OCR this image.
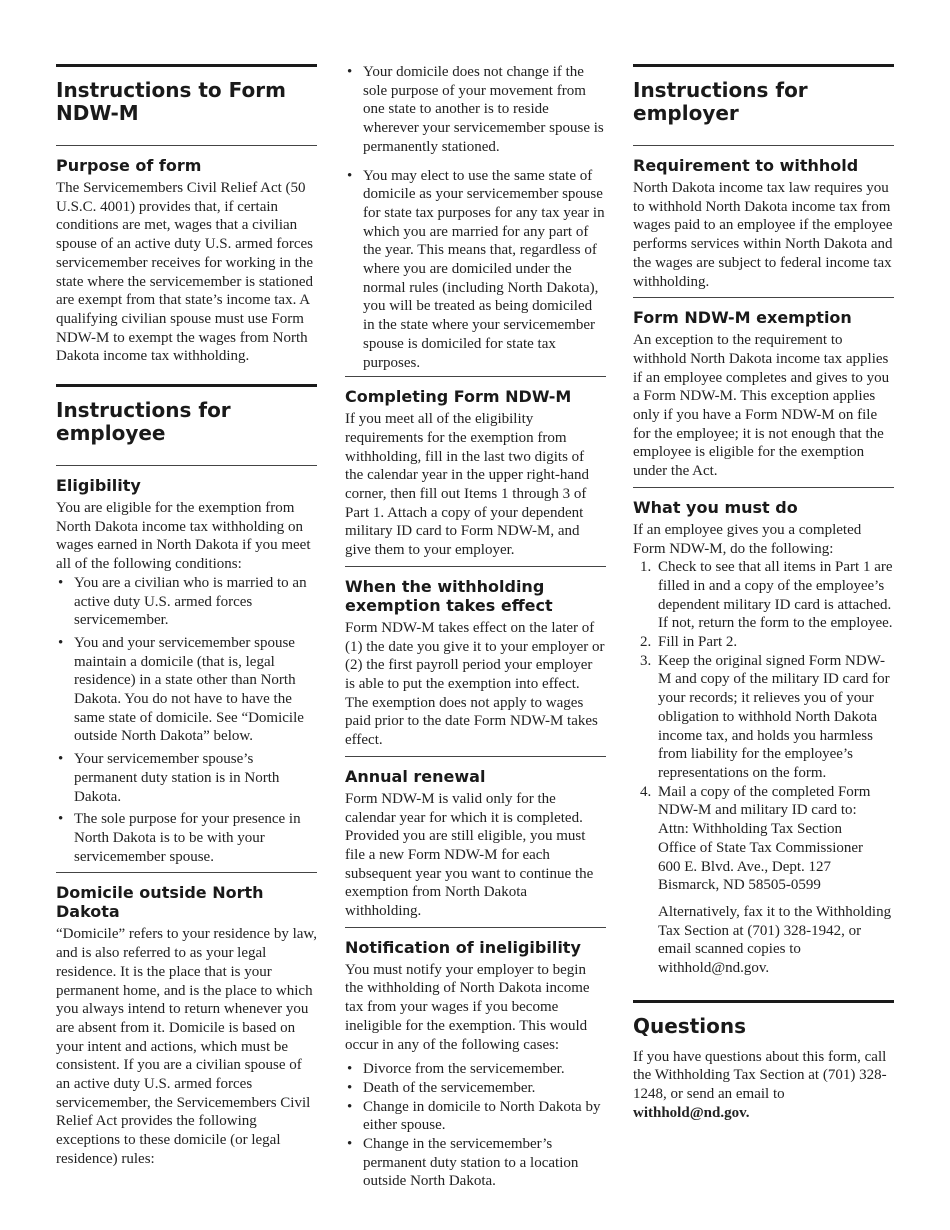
Instructions to Form NDW-M
Purpose of form

The Servicemembers Civil Relief Act (50 U.S.C. 4001) provides that, if certain conditions are met, wages that a civilian spouse of an active duty U.S. armed forces servicemember receives for working in the state where the servicemember is stationed are exempt from that state’s income tax. A qualifying civilian spouse must use Form NDW-M to exempt the wages from North Dakota income tax withholding.

Instructions for employee
Eligibility

You are eligible for the exemption from North Dakota income tax withholding on wages earned in North Dakota if you meet all of the following conditions:

• You are a civilian who is married to an active duty U.S. armed forces servicemember.
• You and your servicemember spouse maintain a domicile (that is, legal residence) in a state other than North Dakota. You do not have to have the same state of domicile. See “Domicile outside North Dakota” below.
• Your servicemember spouse’s permanent duty station is in North Dakota.
• The sole purpose for your presence in North Dakota is to be with your servicemember spouse.
Domicile outside North Dakota

“Domicile” refers to your residence by law, and is also referred to as your legal residence. It is the place that is your permanent home, and is the place to which you always intend to return whenever you are absent from it. Domicile is based on your intent and actions, which must be consistent. If you are a civilian spouse of an active duty U.S. armed forces servicemember, the Servicemembers Civil Relief Act provides the following exceptions to these domicile (or legal residence) rules:

• Your domicile does not change if the sole purpose of your movement from one state to another is to reside wherever your servicemember spouse is permanently stationed.
• You may elect to use the same state of domicile as your servicemember spouse for state tax purposes for any tax year in which you are married for any part of the year. This means that, regardless of where you are domiciled under the normal rules (including North Dakota), you will be treated as being domiciled in the state where your servicemember spouse is domiciled for state tax purposes.
Completing Form NDW-M

If you meet all of the eligibility requirements for the exemption from withholding, fill in the last two digits of the calendar year in the upper right-hand corner, then fill out Items 1 through 3 of Part 1. Attach a copy of your dependent military ID card to Form NDW-M, and give them to your employer.

When the withholding exemption takes effect

Form NDW-M takes effect on the later of (1) the date you give it to your employer or (2) the first payroll period your employer is able to put the exemption into effect. The exemption does not apply to wages paid prior to the date Form NDW-M takes effect.

Annual renewal

Form NDW-M is valid only for the calendar year for which it is completed. Provided you are still eligible, you must file a new Form NDW-M for each subsequent year you want to continue the exemption from North Dakota withholding.

Notification of ineligibility

You must notify your employer to begin the withholding of North Dakota income tax from your wages if you become ineligible for the exemption. This would occur in any of the following cases:

• Divorce from the servicemember.
• Death of the servicemember.
• Change in domicile to North Dakota by either spouse.
• Change in the servicemember’s permanent duty station to a location outside North Dakota.
Instructions for employer
Requirement to withhold

North Dakota income tax law requires you to withhold North Dakota income tax from wages paid to an employee if the employee performs services within North Dakota and the wages are subject to federal income tax withholding.

Form NDW-M exemption

An exception to the requirement to withhold North Dakota income tax applies if an employee completes and gives to you a Form NDW-M. This exception applies only if you have a Form NDW-M on file for the employee; it is not enough that the employee is eligible for the exemption under the Act.

What you must do

If an employee gives you a completed Form NDW-M, do the following:

1. Check to see that all items in Part 1 are filled in and a copy of the employee’s dependent military ID card is attached. If not, return the form to the employee.
2. Fill in Part 2.
3. Keep the original signed Form NDW-M and copy of the military ID card for your records; it relieves you of your obligation to withhold North Dakota income tax, and holds you harmless from liability for the employee’s representations on the form.
4. Mail a copy of the completed Form NDW-M and military ID card to:
Attn: Withholding Tax Section
Office of State Tax Commissioner
600 E. Blvd. Ave., Dept. 127
Bismarck, ND 58505-0599
Alternatively, fax it to the Withholding Tax Section at (701) 328-1942, or email scanned copies to withhold@nd.gov.
Questions

If you have questions about this form, call the Withholding Tax Section at (701) 328-1248, or send an email to withhold@nd.gov.
